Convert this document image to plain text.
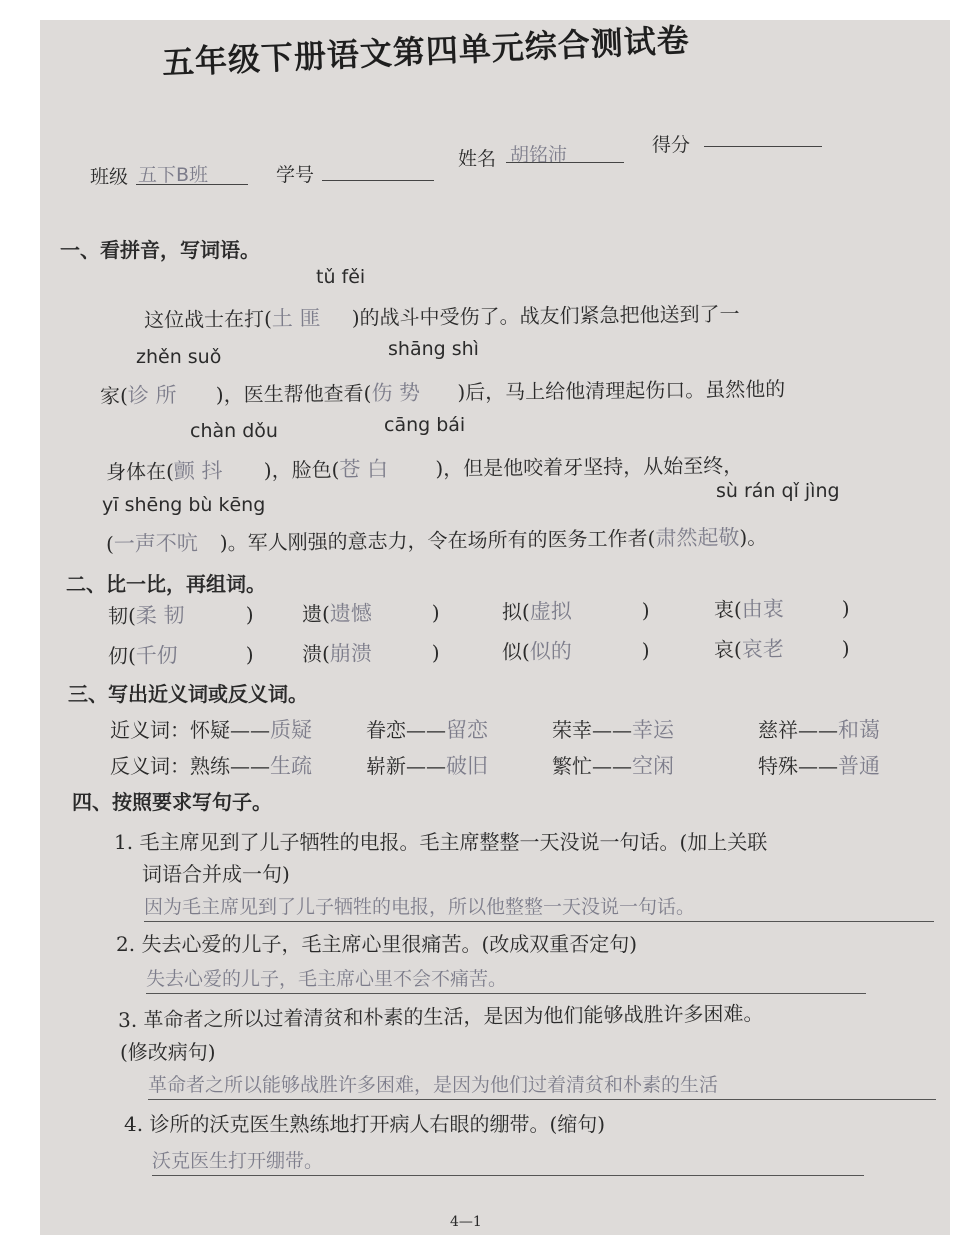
五年级下册语文第四单元综合测试卷
班级 五下B班	学号
姓名 胡铭沛	得分
一、看拼音，写词语。
tǔ fěi
这位战士在打(土 匪 )的战斗中受伤了。战友们紧急把他送到了一
zhěn suǒ	shāng shì
家(诊 所 )，医生帮他查看(伤 势 )后，马上给他清理起伤口。虽然他的
chàn dǒu	cāng bái
身体在(颤 抖 )，脸色(苍 白 )，但是他咬着牙坚持，从始至终，
yī shēng bù kēng
sù rán qǐ jìng
(一声不吭 )。军人刚强的意志力，令在场所有的医务工作者(肃然起敬)。
二、比一比，再组词。
韧(柔 韧	) 遗(遗憾	)	拟(虚拟	)	衷(由衷	)
仞(千仞	) 溃(崩溃	)	似(似的	)	哀(哀老	)
三、写出近义词或反义词。
近义词：怀疑——质疑	眷恋——留恋	荣幸——幸运	慈祥——和蔼
反义词：熟练——生疏	崭新——破旧	繁忙——空闲	特殊——普通
四、按照要求写句子。
1. 毛主席见到了儿子牺牲的电报。毛主席整整一天没说一句话。(加上关联
词语合并成一句)
因为毛主席见到了儿子牺牲的电报，所以他整整一天没说一句话。
2. 失去心爱的儿子，毛主席心里很痛苦。(改成双重否定句)
失去心爱的儿子，毛主席心里不会不痛苦。
3. 革命者之所以过着清贫和朴素的生活，是因为他们能够战胜许多困难。
(修改病句)
革命者之所以能够战胜许多困难，是因为他们过着清贫和朴素的生活
4. 诊所的沃克医生熟练地打开病人右眼的绷带。(缩句)
沃克医生打开绷带。
4—1
